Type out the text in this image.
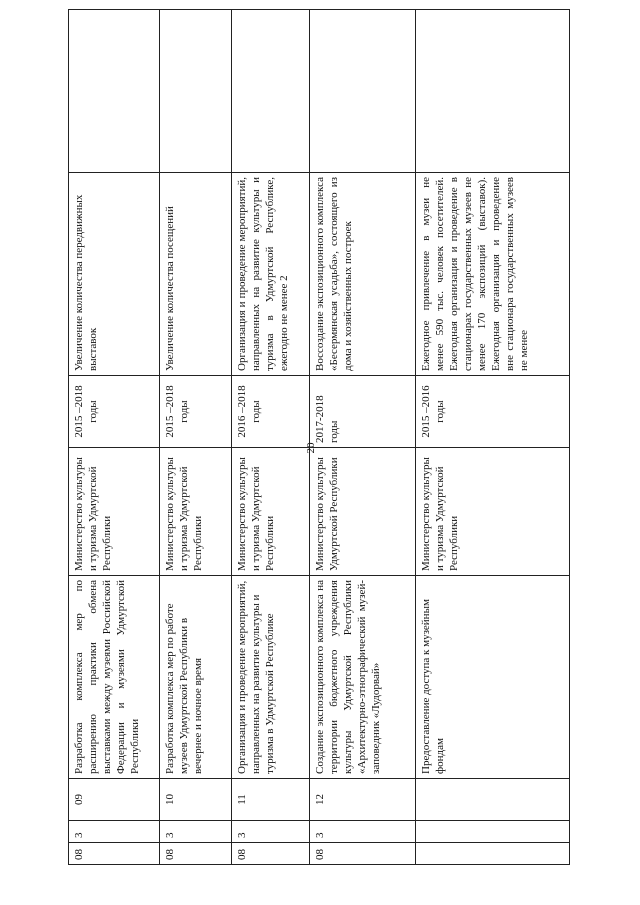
20
08	3	09	Разработка комплекса мер по расширению практики обмена выставками между музеями Российской Федерации и музеями Удмуртской Республики	Министерство культуры и туризма Удмуртской Республики	2015 –2018 годы	Увеличение количества передвижных выставок	
08	3	10	Разработка комплекса мер по работе музеев Удмуртской Республики в вечернее и ночное время	Министерство культуры и туризма Удмуртской Республики	2015 –2018 годы	Увеличение количества посещений	
08	3	11	Организация и проведение мероприятий, направленных на развитие культуры и туризма в Удмуртской Республике	Министерство культуры и туризма Удмуртской Республики	2016 –2018 годы	Организация и проведение мероприятий, направленных на развитие культуры и туризма в Удмуртской Республике, ежегодно не менее 2	
08	3	12	Создание экспозиционного комплекса на территории бюджетного учреждения культуры Удмуртской Республики «Архитектурно-этнографический музей-заповедник «Лудорвай»	Министерство культуры Удмуртской Республики	2017-2018 годы	Воссоздание экспозиционного комплекса «Бесермянская усадьба», состоящего из дома и хозяйственных построек	
			Предоставление доступа к музейным фондам	Министерство культуры и туризма Удмуртской Республики	2015 –2016 годы	Ежегодное привлечение в музеи не менее 590 тыс. человек посетителей. Ежегодная организация и проведение в стационарах государственных музеев не менее 170 экспозиций (выставок). Ежегодная организация и проведение вне стационара государственных музеев не менее	
